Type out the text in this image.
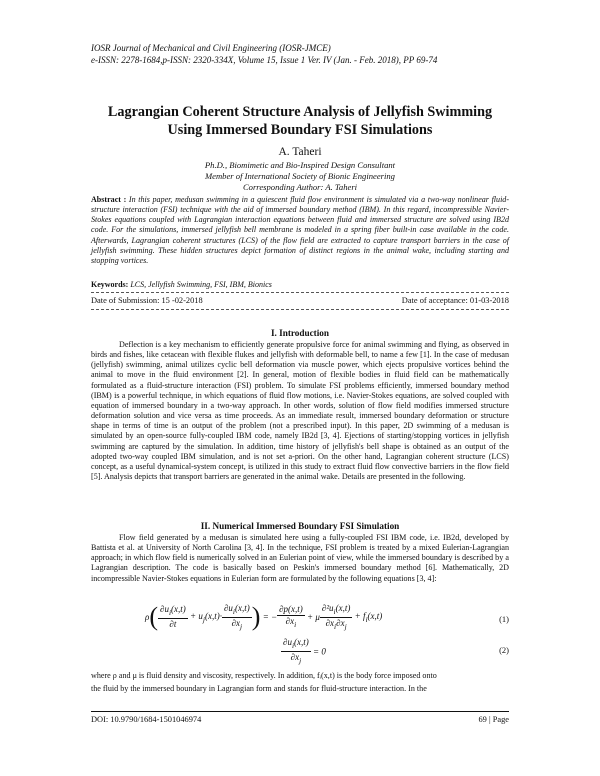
IOSR Journal of Mechanical and Civil Engineering (IOSR-JMCE)
e-ISSN: 2278-1684,p-ISSN: 2320-334X, Volume 15, Issue 1 Ver. IV (Jan. - Feb. 2018), PP 69-74
Lagrangian Coherent Structure Analysis of Jellyfish Swimming
Using Immersed Boundary FSI Simulations
A. Taheri
Ph.D., Biomimetic and Bio-Inspired Design Consultant
Member of International Society of Bionic Engineering
Corresponding Author: A. Taheri
Abstract : In this paper, medusan swimming in a quiescent fluid flow environment is simulated via a two-way nonlinear fluid-structure interaction (FSI) technique with the aid of immersed boundary method (IBM). In this regard, incompressible Navier-Stokes equations coupled with Lagrangian interaction equations between fluid and immersed structure are solved using IB2d code. For the simulations, immersed jellyfish bell membrane is modeled in a spring fiber built-in case available in the code. Afterwards, Lagrangian coherent structures (LCS) of the flow field are extracted to capture transport barriers in the case of jellyfish swimming. These hidden structures depict formation of distinct regions in the animal wake, including starting and stopping vortices.
Keywords: LCS, Jellyfish Swimming, FSI, IBM, Bionics
Date of Submission: 15 -02-2018	Date of acceptance: 01-03-2018
I. Introduction

Deflection is a key mechanism to efficiently generate propulsive force for animal swimming and flying, as observed in birds and fishes, like cetacean with flexible flukes and jellyfish with deformable bell, to name a few [1]. In the case of medusan (jellyfish) swimming, animal utilizes cyclic bell deformation via muscle power, which ejects propulsive vortices behind the animal to move in the fluid environment [2]. In general, motion of flexible bodies in fluid field can be mathematically formulated as a fluid-structure interaction (FSI) problem. To simulate FSI problems efficiently, immersed boundary method (IBM) is a powerful technique, in which equations of fluid flow motions, i.e. Navier-Stokes equations, are solved coupled with equation of immersed boundary in a two-way approach. In other words, solution of flow field modifies immersed structure deformation solution and vice versa as time proceeds. As an immediate result, immersed boundary deformation or structure shape in terms of time is an output of the problem (not a prescribed input). In this paper, 2D swimming of a medusan is simulated by an open-source fully-coupled IBM code, namely IB2d [3, 4]. Ejections of starting/stopping vortices in jellyfish swimming are captured by the simulation. In addition, time history of jellyfish's bell shape is obtained as an output of the adopted two-way coupled IBM simulation, and is not set a-priori. On the other hand, Lagrangian coherent structure (LCS) concept, as a useful dynamical-system concept, is utilized in this study to extract fluid flow convective barriers in the flow field [5]. Analysis depicts that transport barriers are generated in the animal wake. Details are presented in the following.

II. Numerical Immersed Boundary FSI Simulation

Flow field generated by a medusan is simulated here using a fully-coupled FSI IBM code, i.e. IB2d, developed by Battista et al. at University of North Carolina [3, 4]. In the technique, FSI problem is treated by a mixed Eulerian-Lagrangian approach; in which flow field is numerically solved in an Eulerian point of view, while the immersed boundary is described by a Lagrangian description. The code is basically based on Peskin's immersed boundary method [6]. Mathematically, 2D incompressible Navier-Stokes equations in Eulerian form are formulated by the following equations [3, 4]:

$\rho( \frac{\partial u_i(x,t)}{\partial t} + u_j(x,t)\cdot \frac{\partial u_i(x,t)}{\partial x_j}$ ) = − $\frac{\partial p(x,t)}{\partial x_i} + \mu \frac{\partial^2u_i(x,t)}{\partial x_i\partial x_j} + f_i(x,t)$	(1)
$\frac{\partial u_i(x,t)}{\partial x_j} = 0$	(2)
where ρ and μ is fluid density and viscosity, respectively. In addition, fᵢ(x,t) is the body force imposed onto
the fluid by the immersed boundary in Lagrangian form and stands for fluid-structure interaction. In the
DOI: 10.9790/1684-1501046974	69 | Page
